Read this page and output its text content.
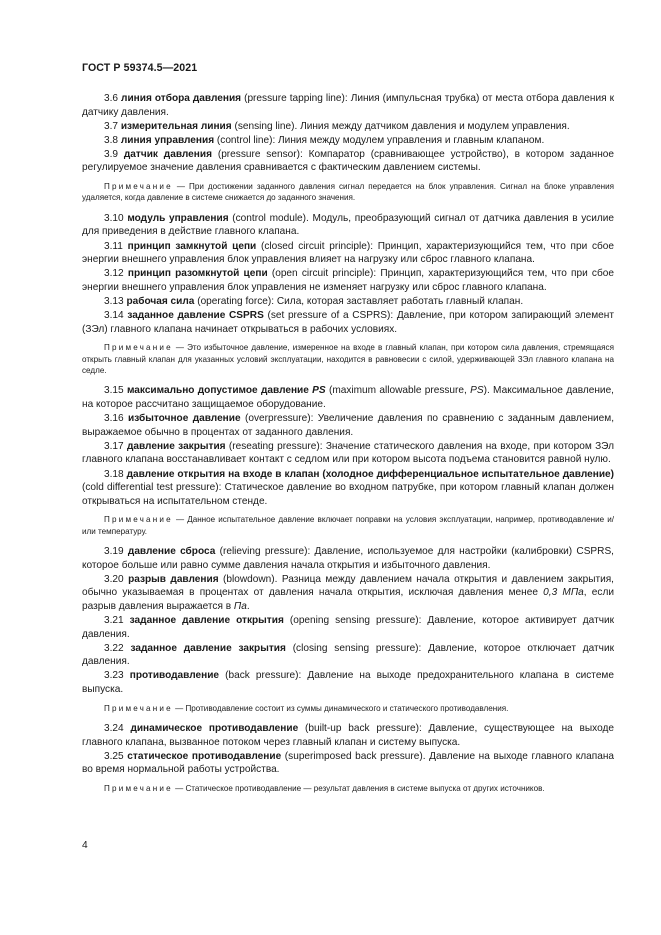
ГОСТ Р 59374.5—2021

3.6 линия отбора давления (pressure tapping line): Линия (импульсная трубка) от места отбора давления к датчику давления.

3.7 измерительная линия (sensing line). Линия между датчиком давления и модулем управления.

3.8 линия управления (control line): Линия между модулем управления и главным клапаном.

3.9 датчик давления (pressure sensor): Компаратор (сравнивающее устройство), в котором заданное регулируемое значение давления сравнивается с фактическим давлением системы.

Примечание — При достижении заданного давления сигнал передается на блок управления. Сигнал на блоке управления удаляется, когда давление в системе снижается до заданного значения.

3.10 модуль управления (control module). Модуль, преобразующий сигнал от датчика давления в усилие для приведения в действие главного клапана.

3.11 принцип замкнутой цепи (closed circuit principle): Принцип, характеризующийся тем, что при сбое энергии внешнего управления блок управления влияет на нагрузку или сброс главного клапана.

3.12 принцип разомкнутой цепи (open circuit principle): Принцип, характеризующийся тем, что при сбое энергии внешнего управления блок управления не изменяет нагрузку или сброс главного клапана.

3.13 рабочая сила (operating force): Сила, которая заставляет работать главный клапан.

3.14 заданное давление CSPRS (set pressure of a CSPRS): Давление, при котором запирающий элемент (ЗЭл) главного клапана начинает открываться в рабочих условиях.

Примечание — Это избыточное давление, измеренное на входе в главный клапан, при котором сила давления, стремящаяся открыть главный клапан для указанных условий эксплуатации, находится в равновесии с силой, удерживающей ЗЭл главного клапана на седле.

3.15 максимально допустимое давление PS (maximum allowable pressure, PS). Максимальное давление, на которое рассчитано защищаемое оборудование.

3.16 избыточное давление (overpressure): Увеличение давления по сравнению с заданным давлением, выражаемое обычно в процентах от заданного давления.

3.17 давление закрытия (reseating pressure): Значение статического давления на входе, при котором ЗЭл главного клапана восстанавливает контакт с седлом или при котором высота подъема становится равной нулю.

3.18 давление открытия на входе в клапан (холодное дифференциальное испытательное давление) (cold differential test pressure): Статическое давление во входном патрубке, при котором главный клапан должен открываться на испытательном стенде.

Примечание — Данное испытательное давление включает поправки на условия эксплуатации, например, противодавление и/или температуру.

3.19 давление сброса (relieving pressure): Давление, используемое для настройки (калибровки) CSPRS, которое больше или равно сумме давления начала открытия и избыточного давления.

3.20 разрыв давления (blowdown). Разница между давлением начала открытия и давлением закрытия, обычно указываемая в процентах от давления начала открытия, исключая давления менее 0,3 МПа, если разрыв давления выражается в Па.

3.21 заданное давление открытия (opening sensing pressure): Давление, которое активирует датчик давления.

3.22 заданное давление закрытия (closing sensing pressure): Давление, которое отключает датчик давления.

3.23 противодавление (back pressure): Давление на выходе предохранительного клапана в системе выпуска.

Примечание — Противодавление состоит из суммы динамического и статического противодавления.

3.24 динамическое противодавление (built-up back pressure): Давление, существующее на выходе главного клапана, вызванное потоком через главный клапан и систему выпуска.

3.25 статическое противодавление (superimposed back pressure). Давление на выходе главного клапана во время нормальной работы устройства.

Примечание — Статическое противодавление — результат давления в системе выпуска от других источников.

4
